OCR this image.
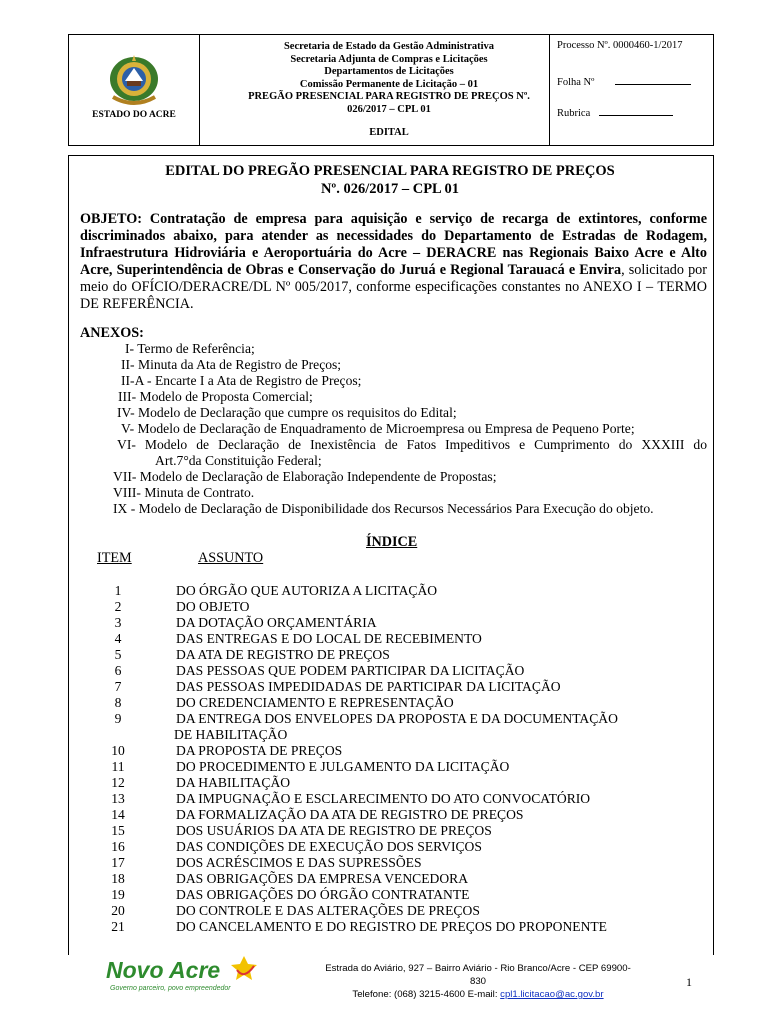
ESTADO DO ACRE
Secretaria de Estado da Gestão Administrativa
Secretaria Adjunta de Compras e Licitações
Departamentos de Licitações
Comissão Permanente de Licitação – 01
PREGÃO PRESENCIAL PARA REGISTRO DE PREÇOS Nº.
026/2017 – CPL 01
EDITAL
Processo Nº. 0000460-1/2017
Folha Nº
Rubrica
EDITAL DO PREGÃO PRESENCIAL PARA REGISTRO DE PREÇOS
Nº. 026/2017 – CPL 01
OBJETO: Contratação de empresa para aquisição e serviço de recarga de extintores, conforme discriminados abaixo, para atender as necessidades do Departamento de Estradas de Rodagem, Infraestrutura Hidroviária e Aeroportuária do Acre – DERACRE nas Regionais Baixo Acre e Alto Acre, Superintendência de Obras e Conservação do Juruá e Regional Tarauacá e Envira, solicitado por meio do OFÍCIO/DERACRE/DL Nº 005/2017, conforme especificações constantes no ANEXO I – TERMO DE REFERÊNCIA.
ANEXOS:
I- Termo de Referência;
II- Minuta da Ata de Registro de Preços;
II-A - Encarte I a Ata de Registro de Preços;
III- Modelo de Proposta Comercial;
IV- Modelo de Declaração que cumpre os requisitos do Edital;
V- Modelo de Declaração de Enquadramento de Microempresa ou Empresa de Pequeno Porte;
VI- Modelo de Declaração de Inexistência de Fatos Impeditivos e Cumprimento do XXXIII do
Art.7°da Constituição Federal;
VII- Modelo de Declaração de Elaboração Independente de Propostas;
VIII- Minuta de Contrato.
IX - Modelo de Declaração de Disponibilidade dos Recursos Necessários Para Execução do objeto.
ÍNDICE
ITEM	ASSUNTO
1	DO ÓRGÃO QUE AUTORIZA A LICITAÇÃO
2	DO OBJETO
3	DA DOTAÇÃO ORÇAMENTÁRIA
4	DAS ENTREGAS E DO LOCAL DE RECEBIMENTO
5	DA ATA DE REGISTRO DE PREÇOS
6	DAS PESSOAS QUE PODEM PARTICIPAR DA LICITAÇÃO
7	DAS PESSOAS IMPEDIDADAS DE PARTICIPAR DA LICITAÇÃO
8	DO CREDENCIAMENTO E REPRESENTAÇÃO
9	DA ENTREGA DOS ENVELOPES DA PROPOSTA E DA DOCUMENTAÇÃO
DE HABILITAÇÃO
10	DA PROPOSTA DE PREÇOS
11	DO PROCEDIMENTO E JULGAMENTO DA LICITAÇÃO
12	DA HABILITAÇÃO
13	DA IMPUGNAÇÃO E ESCLARECIMENTO DO ATO CONVOCATÓRIO
14	DA FORMALIZAÇÃO DA ATA DE REGISTRO DE PREÇOS
15	DOS USUÁRIOS DA ATA DE REGISTRO DE PREÇOS
16	DAS CONDIÇÕES DE EXECUÇÃO DOS SERVIÇOS
17	DOS ACRÉSCIMOS E DAS SUPRESSÕES
18	DAS OBRIGAÇÕES DA EMPRESA VENCEDORA
19	DAS OBRIGAÇÕES DO ÓRGÃO CONTRATANTE
20	DO CONTROLE E DAS ALTERAÇÕES DE PREÇOS
21	DO CANCELAMENTO E DO REGISTRO DE PREÇOS DO PROPONENTE
Novo Acre
Governo parceiro, povo empreendedor
Estrada do Aviário, 927 – Bairro Aviário - Rio Branco/Acre - CEP 69900-830
Telefone: (068) 3215-4600 E-mail: cpl1.licitacao@ac.gov.br
1
